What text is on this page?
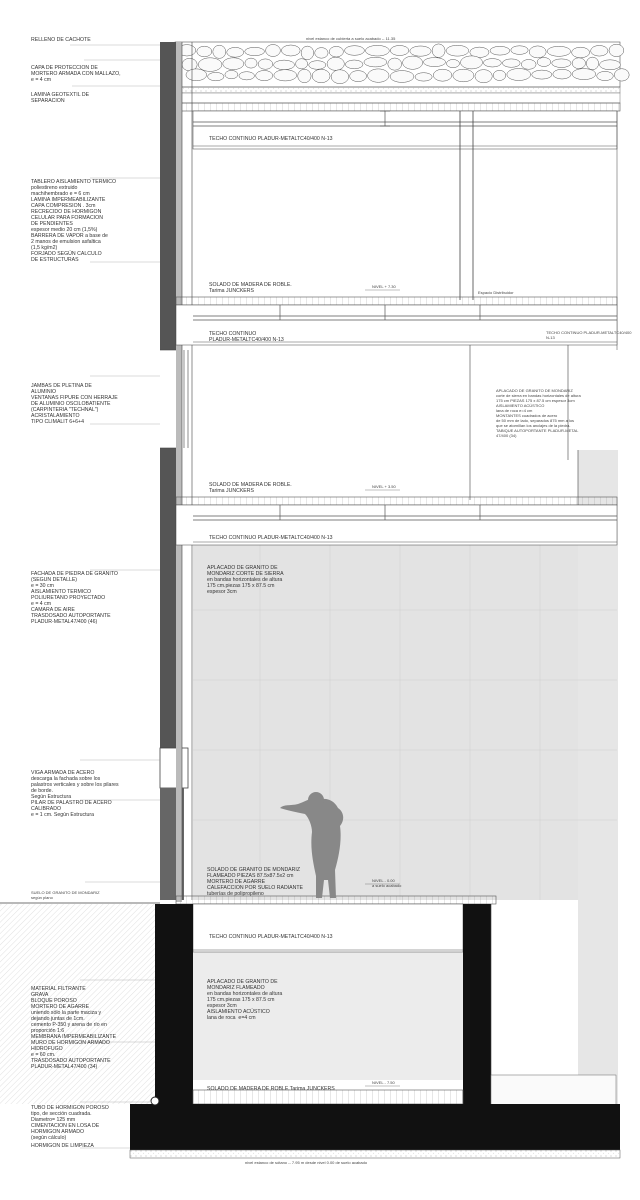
RELLENO DE CACHOTE

CAPA DE PROTECCION DE
MORTERO ARMADA CON MALLAZO,
e = 4 cm

LAMINA GEOTEXTIL DE
SEPARACION

TABLERO AISLAMIENTO TERMICO
poliestireno extruido
machihembrado e = 6 cm
LAMINA IMPERMEABILIZANTE
CAPA COMPRESION . 3cm
RECRECIDO DE HORMIGON
CELULAR PARA FORMACION
DE PENDIENTES
espesor medio 20 cm (1,5%)
BARRERA DE VAPOR a base de
2 manos de emulsion asfaltica
(1,5 kg/m2)
FORJADO SEGÚN CALCULO
DE ESTRUCTURAS

JAMBAS DE PLETINA DE
ALUMINIO
VENTANAS FIPURE CON HERRAJE
DE ALUMINIO OSCILOBATIENTE
(CARPINTERIA "TECHNAL")
ACRISTALAMIENTO
TIPO CLIMALIT 6+6+4

FACHADA DE PIEDRA DE GRANITO
(SEGUN DETALLE)
e = 30 cm
AISLAMIENTO TERMICO
POLIURETANO PROYECTADO
e = 4 cm
CAMARA DE AIRE
TRASDOSADO AUTOPORTANTE
PLADUR-METAL47/400 (46)

VIGA ARMADA DE ACERO
descarga la fachada sobre los
palastros verticales y sobre los pilares
de borde.
Según Estructura
PILAR DE PALASTRO DE ACERO
CALIBRADO
e = 1 cm. Según Estructura

SUELO DE GRANITO DE MONDARIZ
según plano

MATERIAL FILTRANTE
GRAVA
BLOQUE POROSO
MORTERO DE AGARRE
uniendo sólo la parte maciza y
dejando juntas de 1cm.
cemento P-350 y arena de río en
proporción 1:6
MEMBRANA IMPERMEABILIZANTE
MURO DE HORMIGON ARMADO
HIDROFUGO
e = 60 cm.
TRASDOSADO AUTOPORTANTE
PLADUR-METAL47/400 (34)

TUBO DE HORMIGON POROSO
tipo, de sección cuadrada.
Diametro= 125 mm
CIMENTACION EN LOSA DE
HORMIGON ARMADO
(según cálculo)

HORMIGON DE LIMPIEZA
nivel estanco de cubierta a suelo acabado -- 11.35
TECHO CONTINUO PLADUR-METALTC40/400 N-13
SOLADO DE MADERA DE ROBLE.
Tarima JUNCKERS
NIVEL + 7.30
Espacio Distribuidor
TECHO CONTINUO
PLADUR-METALTC40/400 N-13
TECHO CONTINUO PLADUR-METALTC40/400
N-13

APLACADO DE GRANITO DE MONDARIZ
corte de sierra en bandas horizontales de altura
175 cm PIEZAS 175 x 87.5 cm espesor 3cm
AISLAMIENTO ACÚSTICO
lana de roca e=4 cm
MONTANTES cuadrados de acero
de 50 mm de lado, separados 875 mm a los
que se atornillan los anclajes de la piedra.
TABIQUE AUTOPORTANTE PLADUR-METAL
47/400 (34)

SOLADO DE MADERA DE ROBLE.
Tarima JUNCKERS
NIVEL + 3.50
TECHO CONTINUO PLADUR-METALTC40/400 N-13

APLACADO DE GRANITO DE
MONDARIZ CORTE DE SIERRA
en bandas horizontales de altura
175 cm.piezas 175 x 87.5 cm
espesor 3cm

SOLADO DE GRANITO DE MONDARIZ
FLAMEADO PIEZAS 87.5x87.5x2 cm
MORTERO DE AGARRE
CALEFACCION POR SUELO RADIANTE
tuberías de polipropileno

NIVEL - 0.00
a suelo acabado
TECHO CONTINUO PLADUR-METALTC40/400 N-13

APLACADO DE GRANITO DE
MONDARIZ FLAMEADO
en bandas horizontales de altura
175 cm.piezas 175 x 87.5 cm
espesor 3cm
AISLAMIENTO ACÚSTICO
lana de roca  e=4 cm

SOLADO DE MADERA DE ROBLE.Tarima JUNCKERS
NIVEL - 7.50
nivel estanco de sótano -- 7.95 m desde nivel 0.00 de suelo acabado
